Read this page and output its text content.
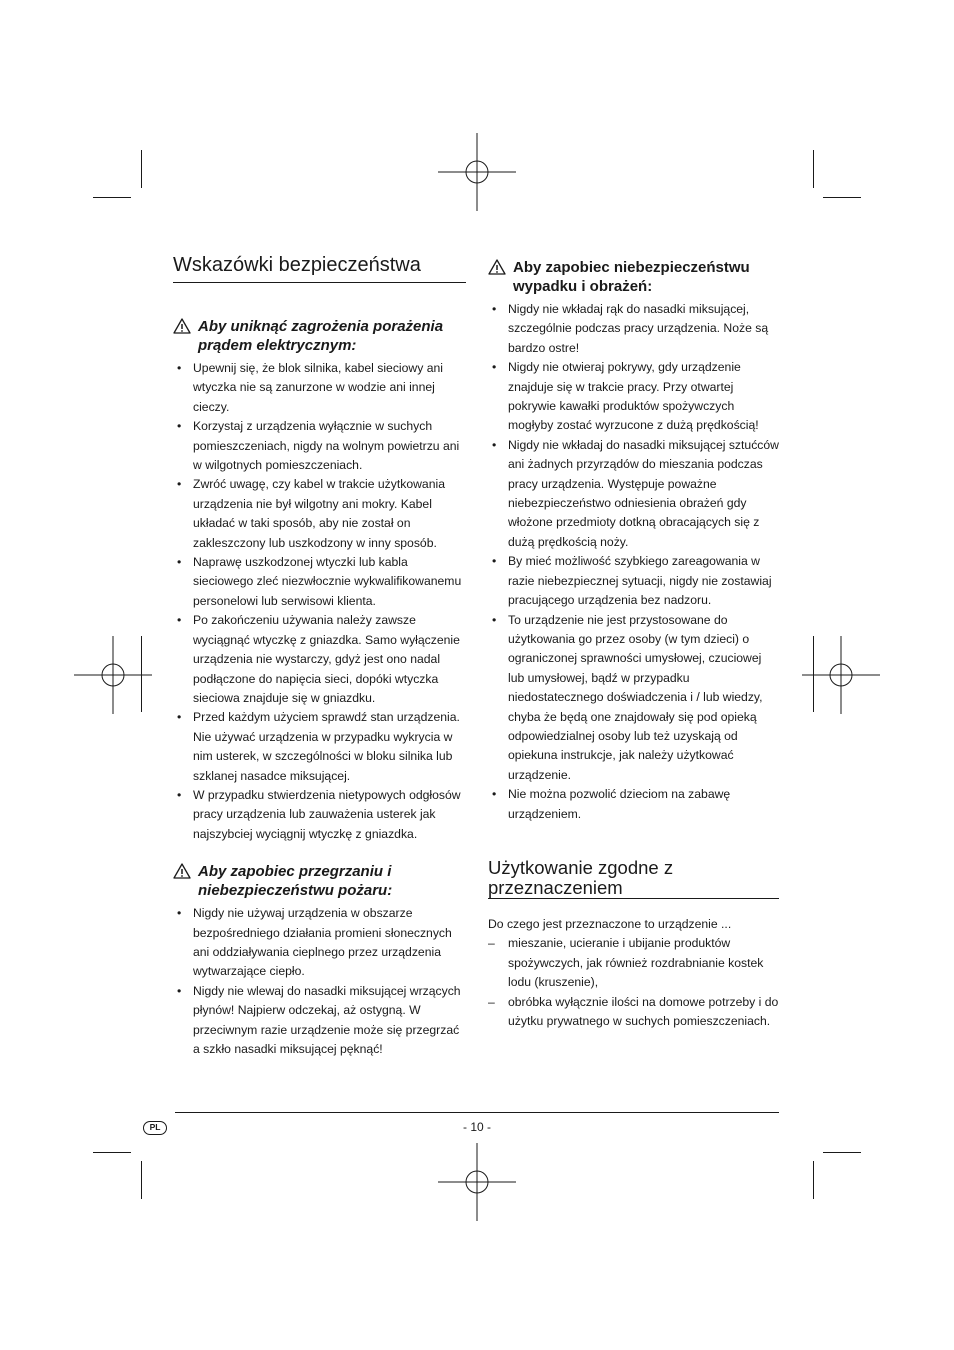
Wskazówki bezpieczeństwa
Aby uniknąć zagrożenia porażenia prądem elektrycznym:
• Upewnij się, że blok silnika, kabel sieciowy ani wtyczka nie są zanurzone w wodzie ani innej cieczy.
• Korzystaj z urządzenia wyłącznie w suchych pomieszczeniach, nigdy na wolnym powietrzu ani w wilgotnych pomieszczeniach.
• Zwróć uwagę, czy kabel w trakcie użytkowania urządzenia nie był wilgotny ani mokry. Kabel układać w taki sposób, aby nie został on zakleszczony lub uszkodzony w inny sposób.
• Naprawę uszkodzonej wtyczki lub kabla sieciowego zleć niezwłocznie wykwalifikowanemu personelowi lub serwisowi klienta.
• Po zakończeniu używania należy zawsze wyciągnąć wtyczkę z gniazdka. Samo wyłączenie urządzenia nie wystarczy, gdyż jest ono nadal podłączone do napięcia sieci, dopóki wtyczka sieciowa znajduje się w gniazdku.
• Przed każdym użyciem sprawdź stan urządzenia. Nie używać urządzenia w przypadku wykrycia w nim usterek, w szczególności w bloku silnika lub szklanej nasadce miksującej.
• W przypadku stwierdzenia nietypowych odgłosów pracy urządzenia lub zauważenia usterek jak najszybciej wyciągnij wtyczkę z gniazdka.
Aby zapobiec przegrzaniu i niebezpieczeństwu pożaru:
• Nigdy nie używaj urządzenia w obszarze bezpośredniego działania promieni słonecznych ani oddziaływania cieplnego przez urządzenia wytwarzające ciepło.
• Nigdy nie wlewaj do nasadki miksującej wrzących płynów! Najpierw odczekaj, aż ostygną. W przeciwnym razie urządzenie może się przegrzać a szkło nasadki miksującej pęknąć!
Aby zapobiec niebezpieczeństwu wypadku i obrażeń:
• Nigdy nie wkładaj rąk do nasadki miksującej, szczególnie podczas pracy urządzenia. Noże są bardzo ostre!
• Nigdy nie otwieraj pokrywy, gdy urządzenie znajduje się w trakcie pracy. Przy otwartej pokrywie kawałki produktów spożywczych mogłyby zostać wyrzucone z dużą prędkością!
• Nigdy nie wkładaj do nasadki miksującej sztućców ani żadnych przyrządów do mieszania podczas pracy urządzenia. Występuje poważne niebezpieczeństwo odniesienia obrażeń gdy włożone przedmioty dotkną obracających się z dużą prędkością noży.
• By mieć możliwość szybkiego zareagowania w razie niebezpiecznej sytuacji, nigdy nie zostawiaj pracującego urządzenia bez nadzoru.
• To urządzenie nie jest przystosowane do użytkowania go przez osoby (w tym dzieci) o ograniczonej sprawności umysłowej, czuciowej lub umysłowej, bądź w przypadku niedostatecznego doświadczenia i / lub wiedzy, chyba że będą one znajdowały się pod opieką odpowiedzialnej osoby lub też uzyskają od opiekuna instrukcje, jak należy użytkować urządzenie.
• Nie można pozwolić dzieciom na zabawę urządzeniem.
Użytkowanie zgodne z przeznaczeniem

Do czego jest przeznaczone to urządzenie ...

– mieszanie, ucieranie i ubijanie produktów spożywczych, jak również rozdrabnianie kostek lodu (kruszenie),
– obróbka wyłącznie ilości na domowe potrzeby i do użytku prywatnego w suchych pomieszczeniach.
PL	- 10 -
